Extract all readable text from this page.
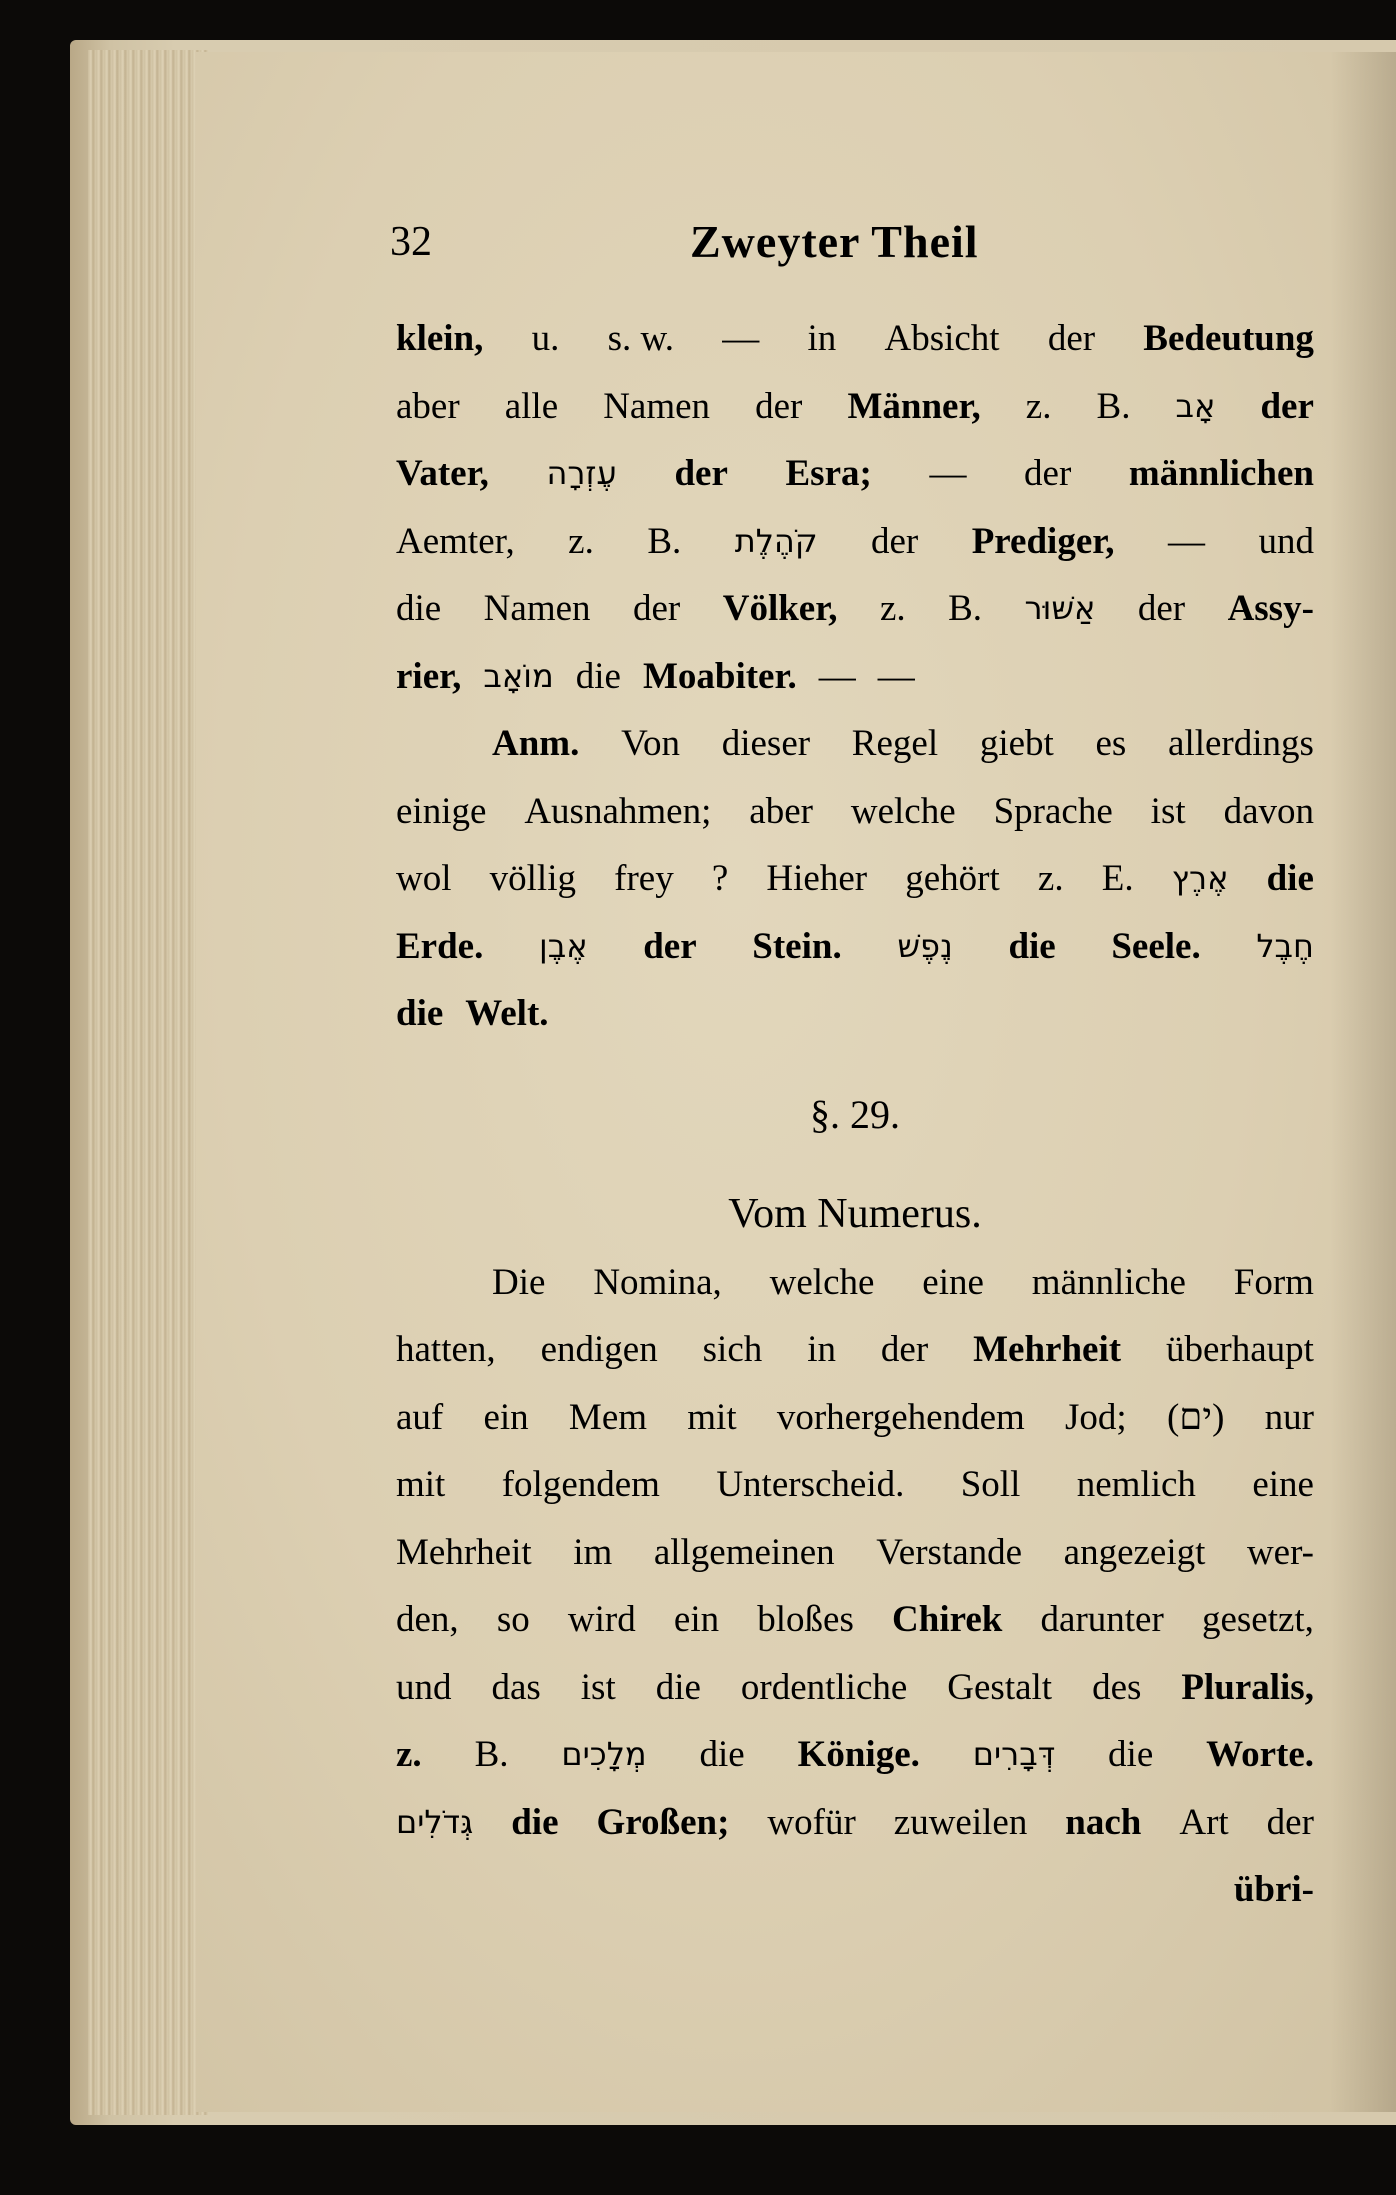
32	Zweyter Theil
klein, u. s. w. — in Absicht der Bedeutung
aber alle Namen der Männer, z. B. אָב der
Vater, עֶזְרָה der Esra; — der männlichen
Aemter, z. B. קֹהֶלֶת der Prediger, — und
die Namen der Völker, z. B. אַשּׁוּר der Assy-
rier, מוֹאָב die Moabiter. — —
Anm. Von dieser Regel giebt es allerdings
einige Ausnahmen; aber welche Sprache ist davon
wol völlig frey ? Hieher gehört z. E. אֶרֶץ die
Erde. אֶבֶן der Stein. נֶפֶשׁ die Seele. חֶבֶל
die Welt.
§. 29.
Vom Numerus.
Die Nomina, welche eine männliche Form
hatten, endigen sich in der Mehrheit überhaupt
auf ein Mem mit vorhergehendem Jod; (ים) nur
mit folgendem Unterscheid. Soll nemlich eine
Mehrheit im allgemeinen Verstande angezeigt wer-
den, so wird ein bloßes Chirek darunter gesetzt,
und das ist die ordentliche Gestalt des Pluralis,
z. B. מְלָכִים die Könige. דְּבָרִים die Worte.
גְּדֹלִים die Großen; wofür zuweilen nach Art der
übri-
